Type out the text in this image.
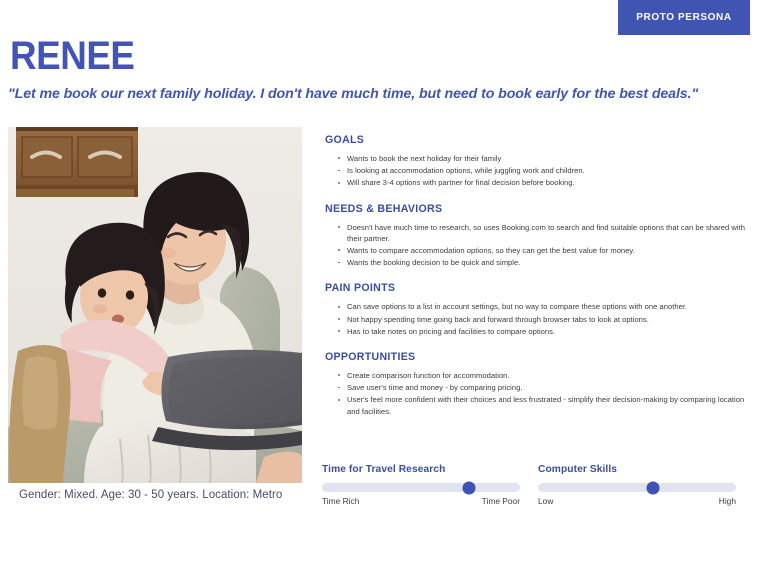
PROTO PERSONA
RENEE
"Let me book our next family holiday. I don't have much time, but need to book early for the best deals."
Gender: Mixed. Age: 30 - 50 years. Location: Metro
GOALS
Wants to book the next holiday for their family
Is looking at accommodation options, while juggling work and children.
Will share 3-4 options with partner for final decision before booking.
NEEDS & BEHAVIORS
Doesn't have much time to research, so uses Booking.com to search and find suitable options that can be shared with their partner.
Wants to compare accommodation options, so they can get the best value for money.
Wants the booking decision to be quick and simple.
PAIN POINTS
Can save options to a list in account settings, but no way to compare these options with one another.
Not happy spending time going back and forward through browser tabs to look at options.
Has to take notes on pricing and facilities to compare options.
OPPORTUNITIES
Create comparison function for accommodation.
Save user's time and money - by comparing pricing.
User's feel more confident with their choices and less frustrated - simplify their decision-making by comparing location and facilities.
Time for Travel Research
Time Rich	Time Poor
Computer Skills
Low	High
